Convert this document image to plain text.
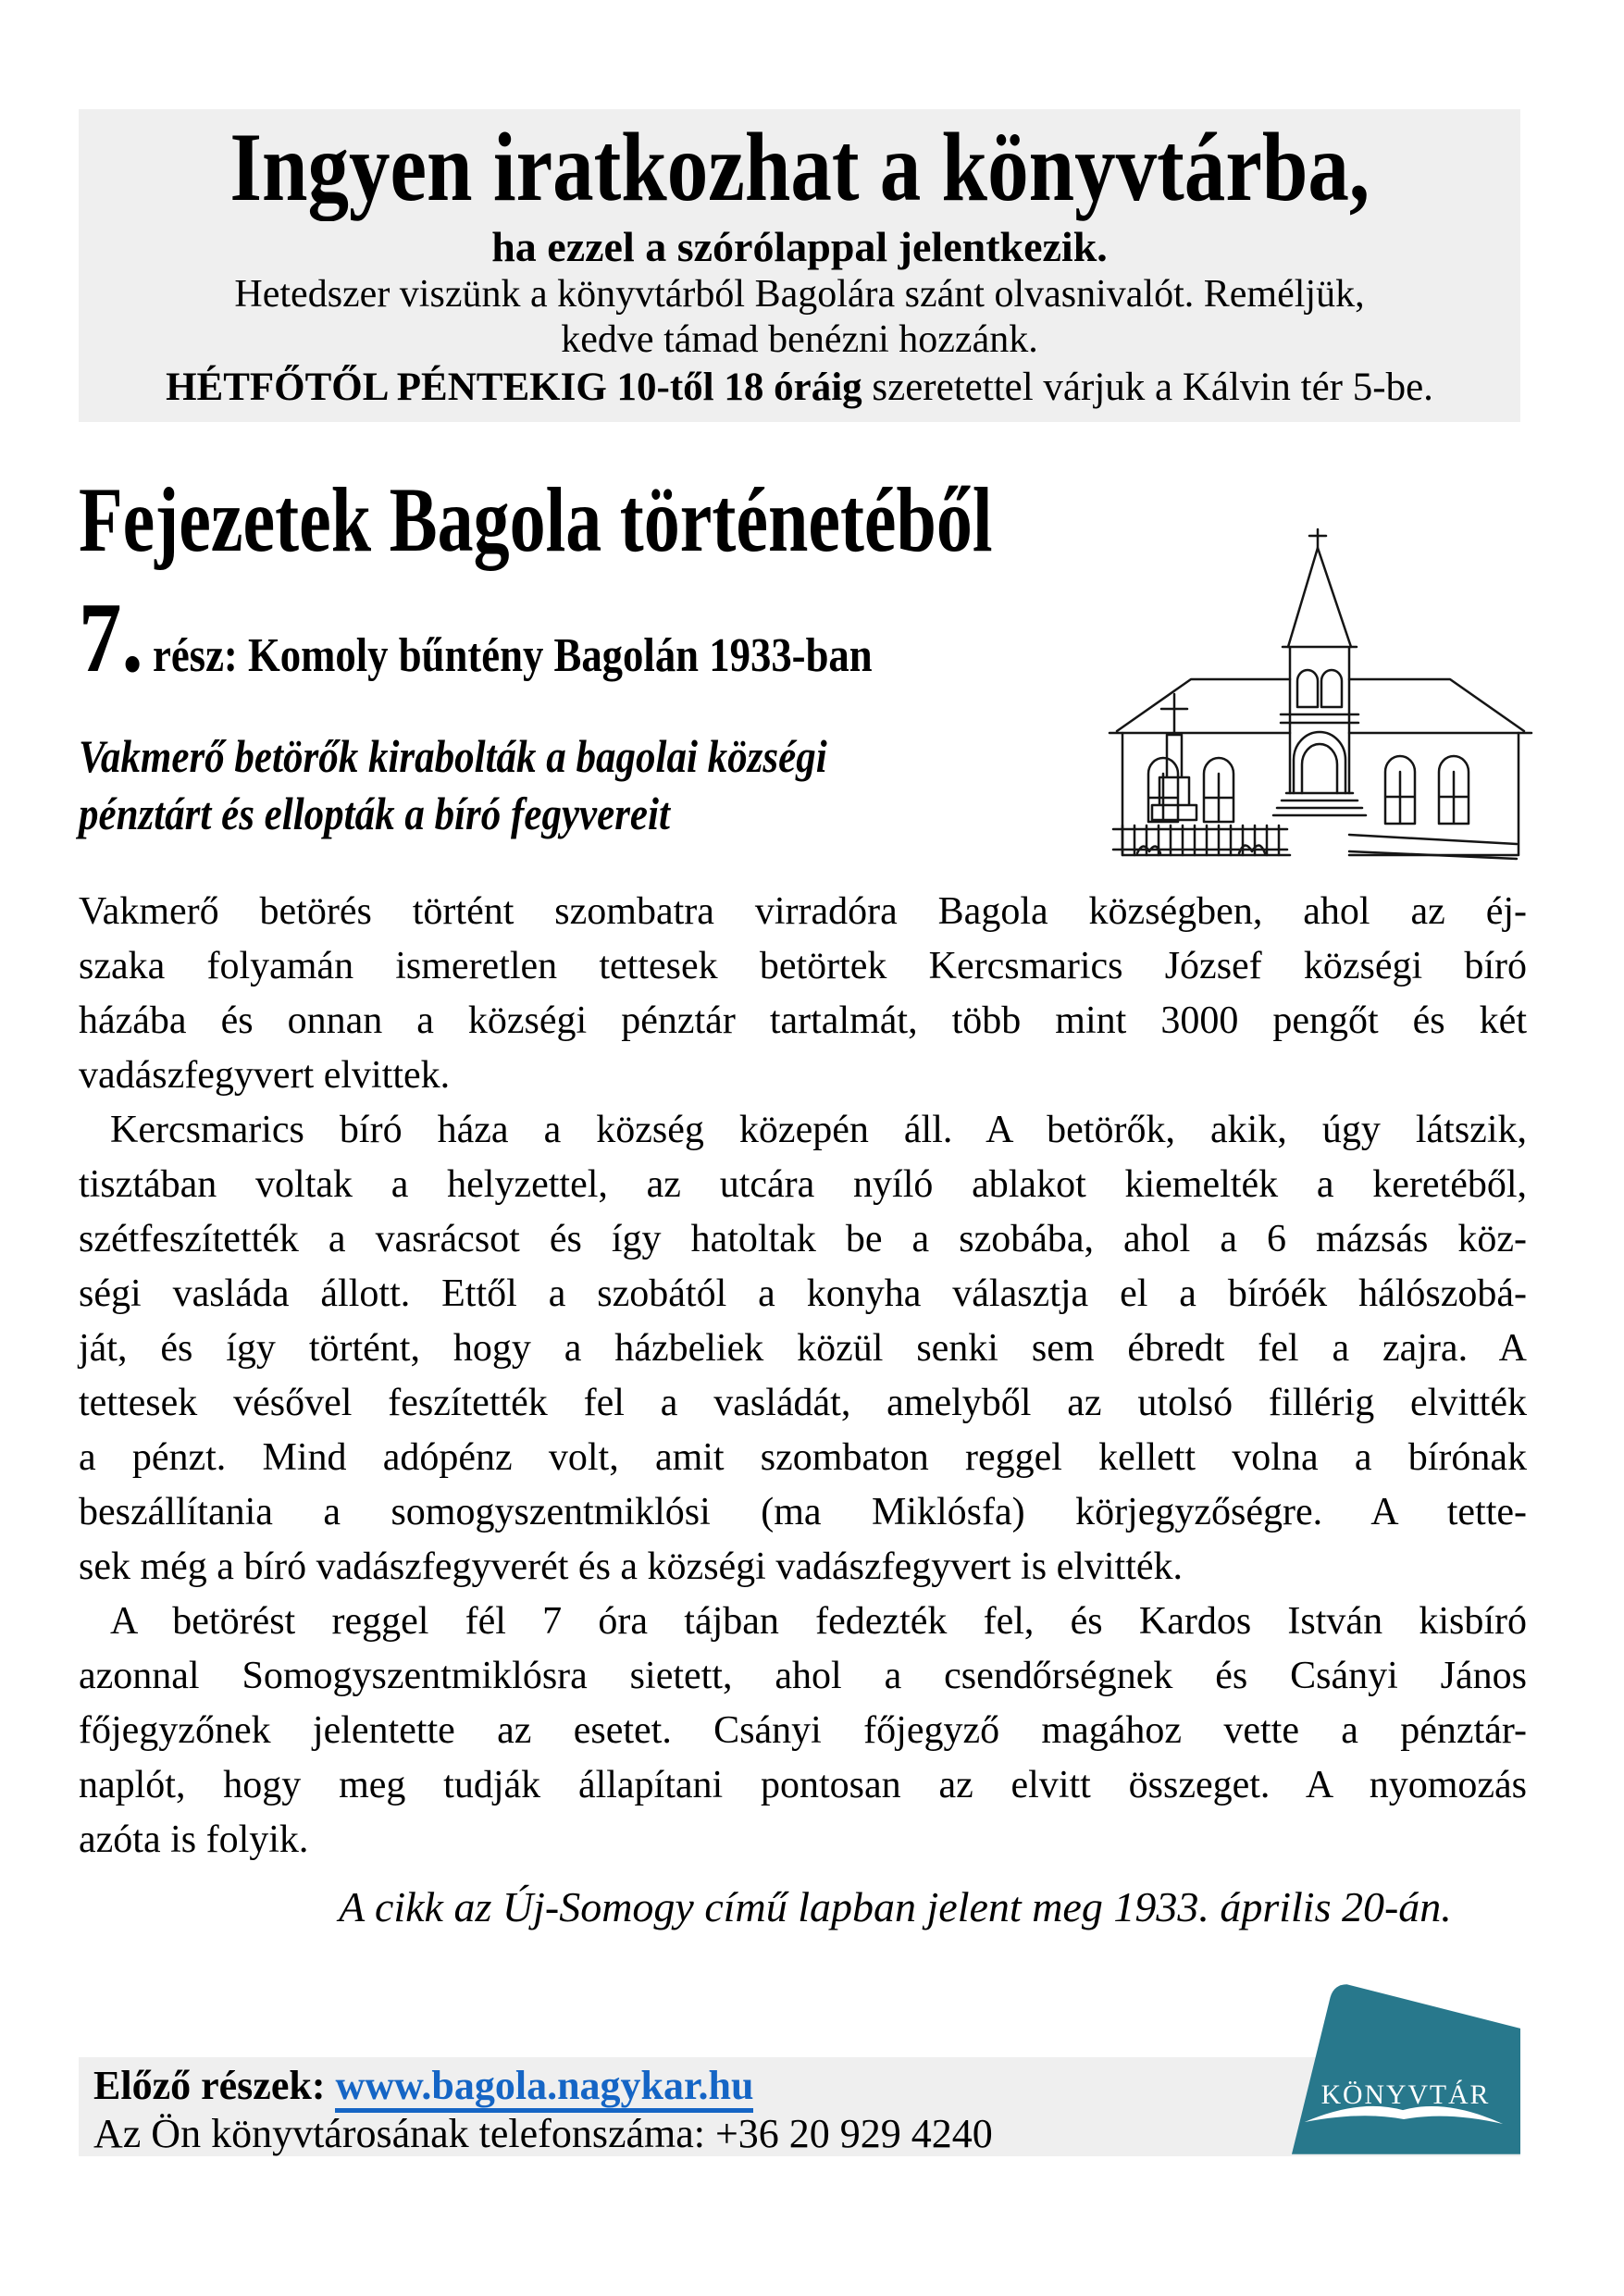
Ingyen iratkozhat a könyvtárba,
ha ezzel a szórólappal jelentkezik.
Hetedszer viszünk a könyvtárból Bagolára szánt olvasnivalót. Reméljük,
kedve támad benézni hozzánk.
HÉTFŐTŐL PÉNTEKIG 10-től 18 óráig szeretettel várjuk a Kálvin tér 5-be.
Fejezetek Bagola történetéből
7. rész: Komoly bűntény Bagolán 1933-ban
Vakmerő betörők kirabolták a bagolai községi
pénztárt és ellopták a bíró fegyvereit
Vakmerő betörés történt szombatra virradóra Bagola községben, ahol az éj-
szaka folyamán ismeretlen tettesek betörtek Kercsmarics József községi bíró
házába és onnan a községi pénztár tartalmát, több mint 3000 pengőt és két
vadászfegyvert elvittek.
Kercsmarics bíró háza a község közepén áll. A betörők, akik, úgy látszik,
tisztában voltak a helyzettel, az utcára nyíló ablakot kiemelték a keretéből,
szétfeszítették a vasrácsot és így hatoltak be a szobába, ahol a 6 mázsás köz-
ségi vasláda állott. Ettől a szobától a konyha választja el a bíróék hálószobá-
ját, és így történt, hogy a házbeliek közül senki sem ébredt fel a zajra. A
tettesek vésővel feszítették fel a vasládát, amelyből az utolsó fillérig elvitték
a pénzt. Mind adópénz volt, amit szombaton reggel kellett volna a bírónak
beszállítania a somogyszentmiklósi (ma Miklósfa) körjegyzőségre. A tette-
sek még a bíró vadászfegyverét és a községi vadászfegyvert is elvitték.
A betörést reggel fél 7 óra tájban fedezték fel, és Kardos István kisbíró
azonnal Somogyszentmiklósra sietett, ahol a csendőrségnek és Csányi János
főjegyzőnek jelentette az esetet. Csányi főjegyző magához vette a pénztár-
naplót, hogy meg tudják állapítani pontosan az elvitt összeget. A nyomozás
azóta is folyik.
A cikk az Új-Somogy című lapban jelent meg 1933. április 20-án.
Előző részek: www.bagola.nagykar.hu
Az Ön könyvtárosának telefonszáma: +36 20 929 4240
KÖNYVTÁR
